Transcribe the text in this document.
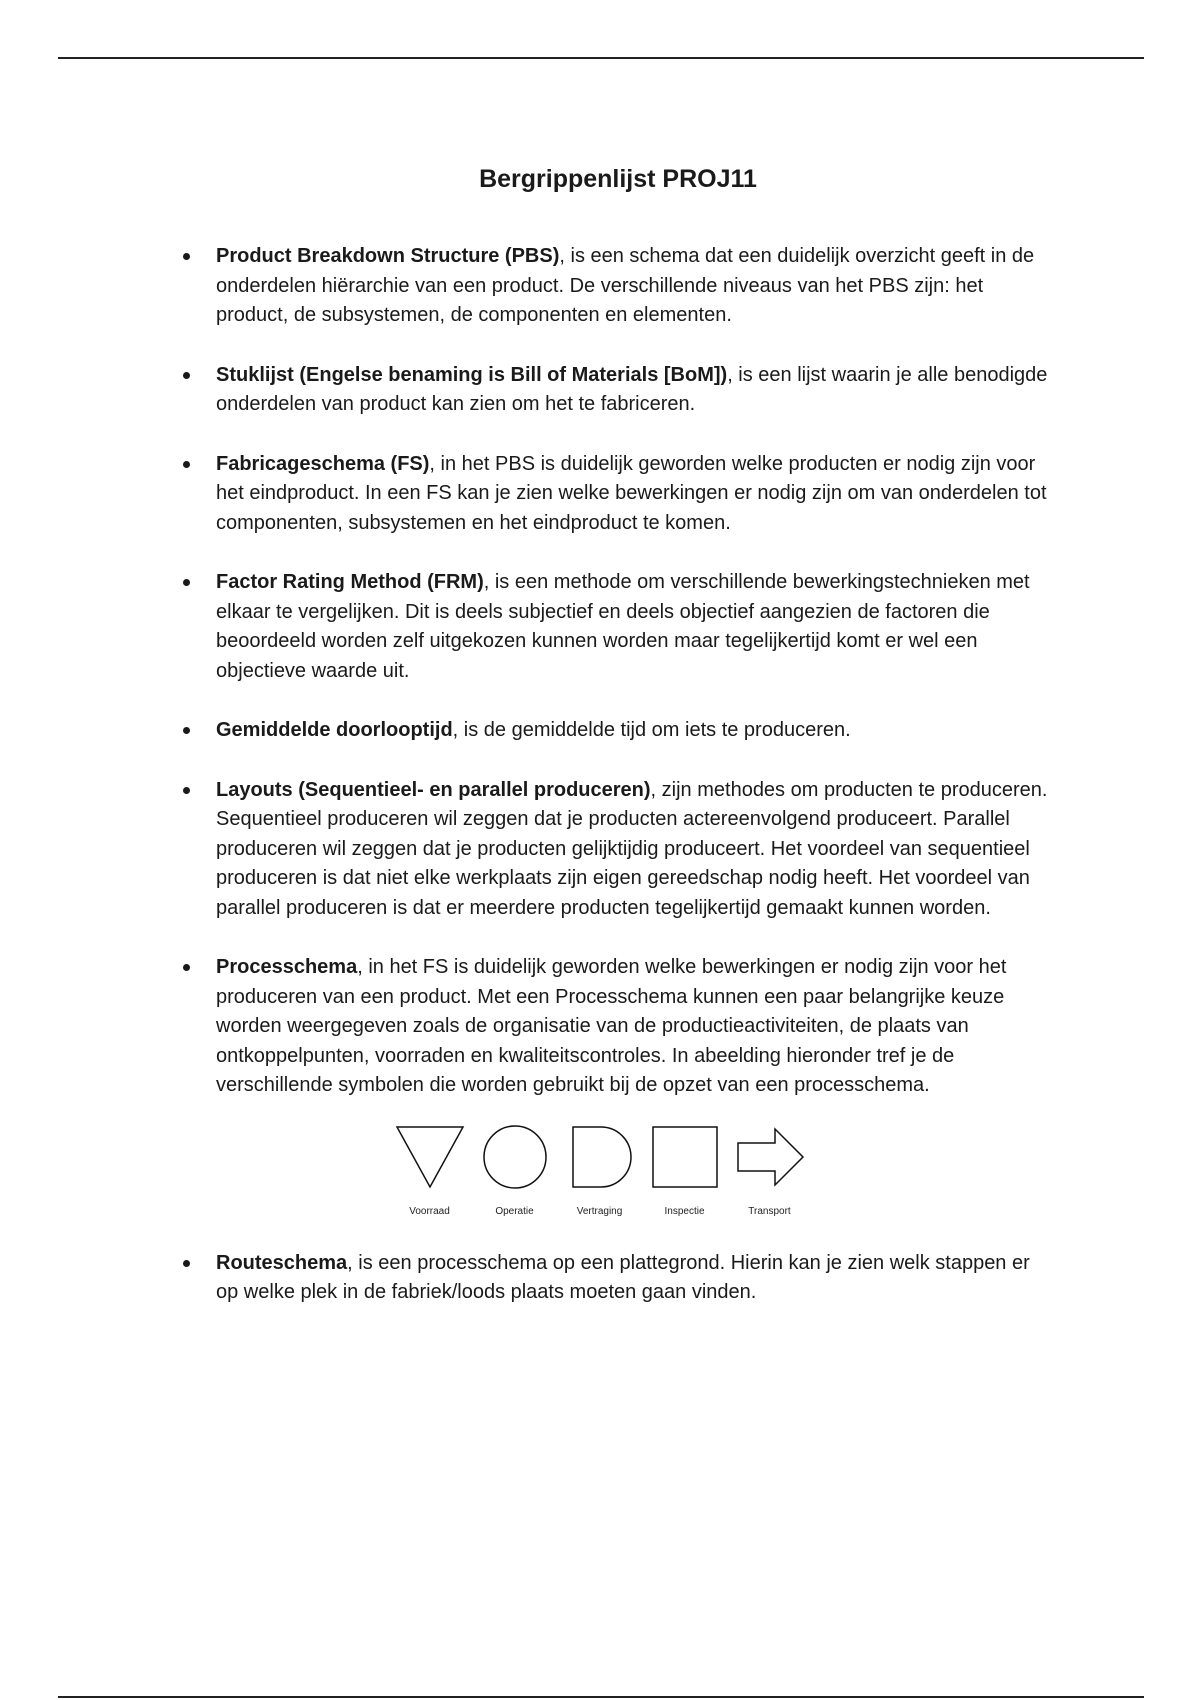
Bergrippenlijst PROJ11
Product Breakdown Structure (PBS), is een schema dat een duidelijk overzicht geeft in de onderdelen hiërarchie van een product. De verschillende niveaus van het PBS zijn: het product, de subsystemen, de componenten en elementen.
Stuklijst (Engelse benaming is Bill of Materials [BoM]), is een lijst waarin je alle benodigde onderdelen van product kan zien om het te fabriceren.
Fabricageschema (FS), in het PBS is duidelijk geworden welke producten er nodig zijn voor het eindproduct. In een FS kan je zien welke bewerkingen er nodig zijn om van onderdelen tot componenten, subsystemen en het eindproduct te komen.
Factor Rating Method (FRM), is een methode om verschillende bewerkingstechnieken met elkaar te vergelijken. Dit is deels subjectief en deels objectief aangezien de factoren die beoordeeld worden zelf uitgekozen kunnen worden maar tegelijkertijd komt er wel een objectieve waarde uit.
Gemiddelde doorlooptijd, is de gemiddelde tijd om iets te produceren.
Layouts (Sequentieel- en parallel produceren), zijn methodes om producten te produceren.
Sequentieel produceren wil zeggen dat je producten actereenvolgend produceert. Parallel produceren wil zeggen dat je producten gelijktijdig produceert. Het voordeel van sequentieel produceren is dat niet elke werkplaats zijn eigen gereedschap nodig heeft. Het voordeel van parallel produceren is dat er meerdere producten tegelijkertijd gemaakt kunnen worden.
Processchema, in het FS is duidelijk geworden welke bewerkingen er nodig zijn voor het produceren van een product. Met een Processchema kunnen een paar belangrijke keuze worden weergegeven zoals de organisatie van de productieactiviteiten, de plaats van ontkoppelpunten, voorraden en kwaliteitscontroles. In abeelding hieronder tref je de verschillende symbolen die worden gebruikt bij de opzet van een processchema.
Voorraad	Operatie	Vertraging	Inspectie	Transport
Routeschema, is een processchema op een plattegrond. Hierin kan je zien welk stappen er op welke plek in de fabriek/loods plaats moeten gaan vinden.
